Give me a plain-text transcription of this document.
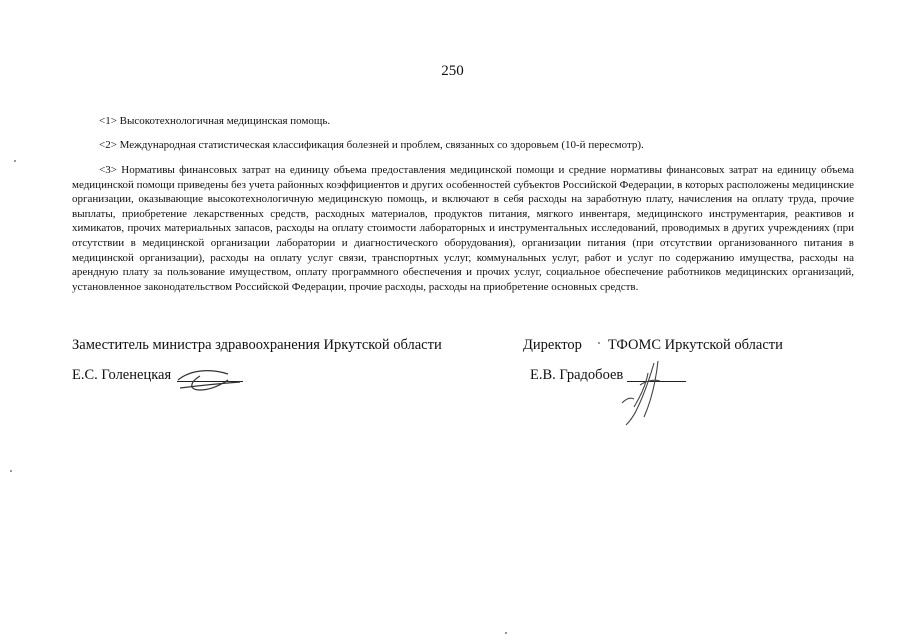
250

<1> Высокотехнологичная медицинская помощь.

<2> Международная статистическая классификация болезней и проблем, связанных со здоровьем (10-й пересмотр).

<3> Нормативы финансовых затрат на единицу объема предоставления медицинской помощи и средние нормативы финансовых затрат на единицу объема медицинской помощи приведены без учета районных коэффициентов и других особенностей субъектов Российской Федерации, в которых расположены медицинские организации, оказывающие высокотехнологичную медицинскую помощь, и включают в себя расходы на заработную плату, начисления на оплату труда, прочие выплаты, приобретение лекарственных средств, расходных материалов, продуктов питания, мягкого инвентаря, медицинского инструментария, реактивов и химикатов, прочих материальных запасов, расходы на оплату стоимости лабораторных и инструментальных исследований, проводимых в других учреждениях (при отсутствии в медицинской организации лаборатории и диагностического оборудования), организации питания (при отсутствии организованного питания в медицинской организации), расходы на оплату услуг связи, транспортных услуг, коммунальных услуг, работ и услуг по содержанию имущества, расходы на арендную плату за пользование имуществом, оплату программного обеспечения и прочих услуг, социальное обеспечение работников медицинских организаций, установленное законодательством Российской Федерации, прочие расходы, расходы на приобретение основных средств.

Заместитель министра здравоохранения Иркутской области
Е.С. Голенецкая
Директор ТФОМС Иркутской области
Е.В. Градобоев
